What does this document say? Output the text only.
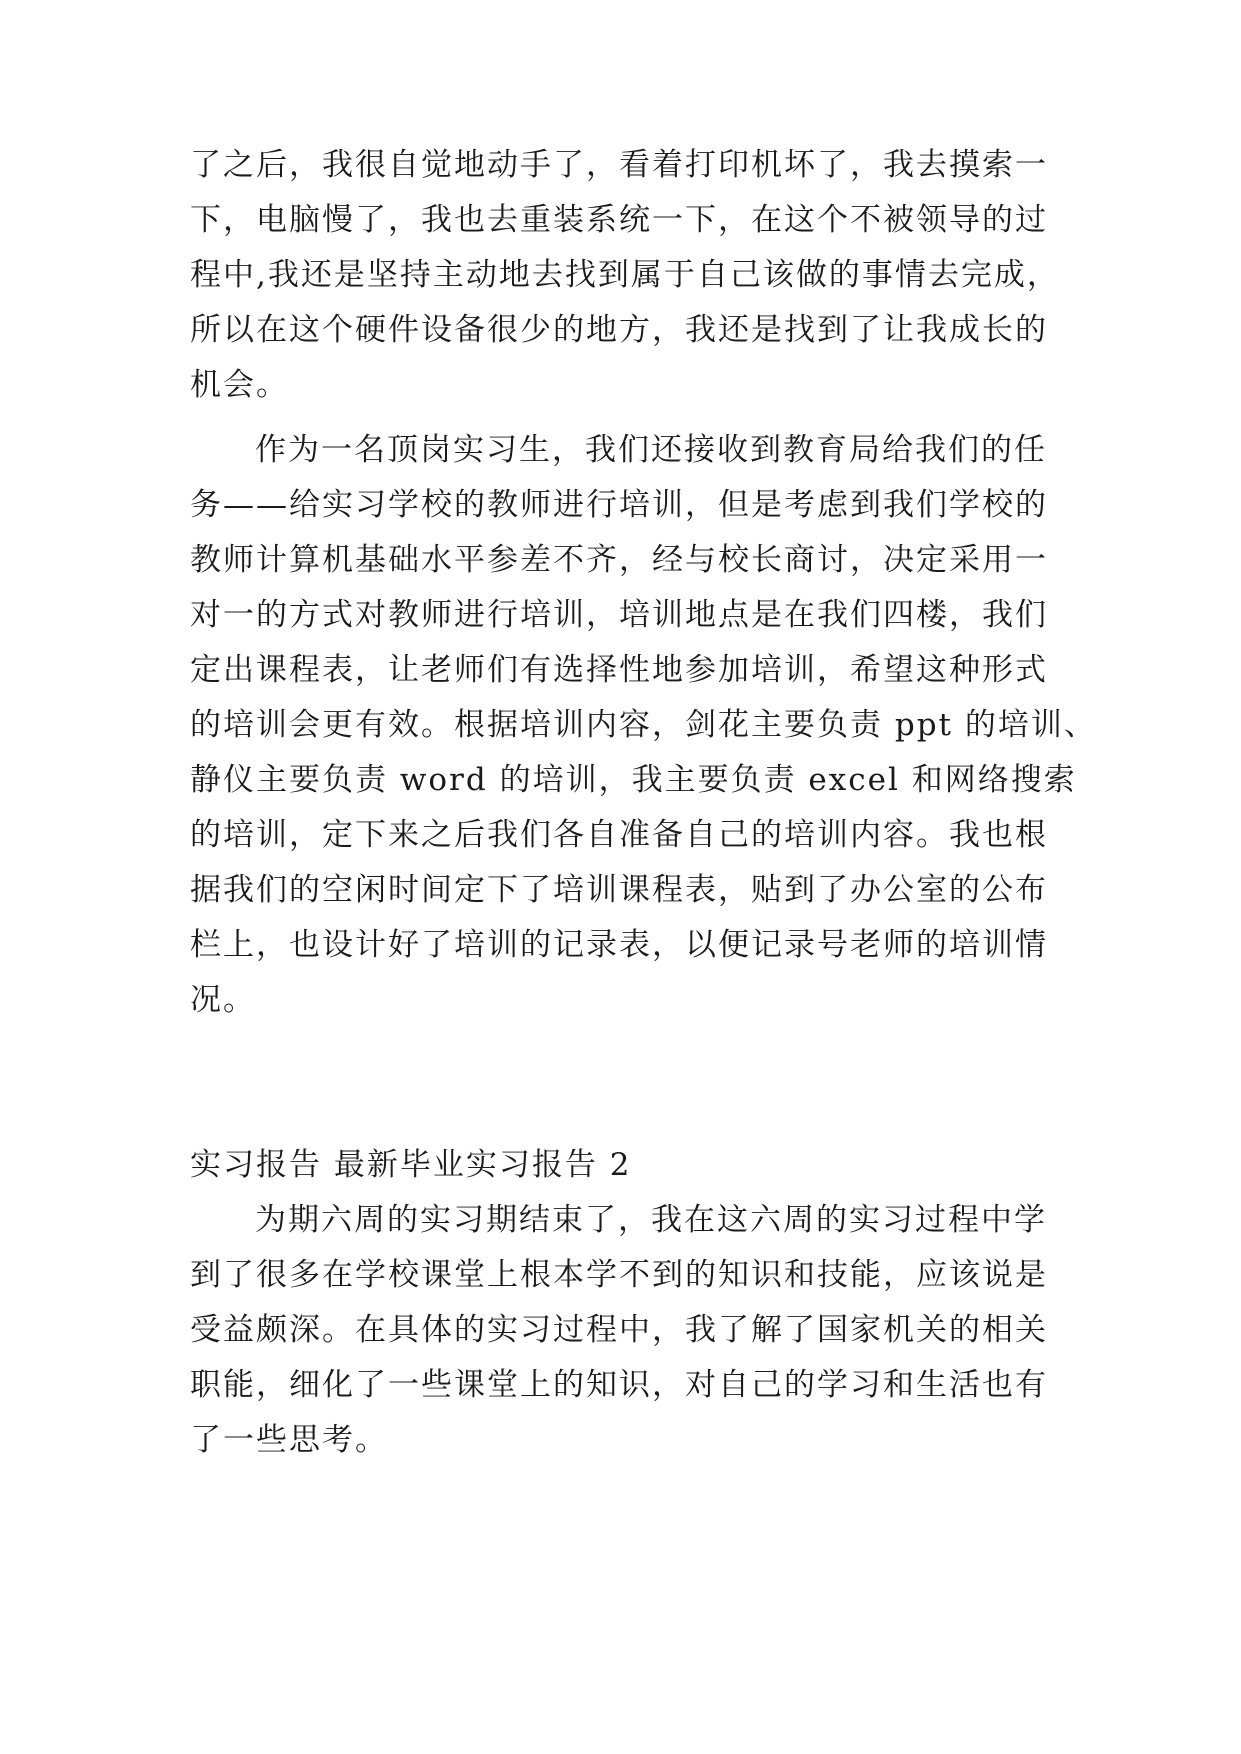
了之后，我很自觉地动手了，看着打印机坏了，我去摸索一
下，电脑慢了，我也去重装系统一下，在这个不被领导的过
程中,我还是坚持主动地去找到属于自己该做的事情去完成，
所以在这个硬件设备很少的地方，我还是找到了让我成长的
机会。
作为一名顶岗实习生，我们还接收到教育局给我们的任
务——给实习学校的教师进行培训，但是考虑到我们学校的
教师计算机基础水平参差不齐，经与校长商讨，决定采用一
对一的方式对教师进行培训，培训地点是在我们四楼，我们
定出课程表，让老师们有选择性地参加培训，希望这种形式
的培训会更有效。根据培训内容，剑花主要负责 ppt 的培训、
静仪主要负责 word 的培训，我主要负责 excel 和网络搜索
的培训，定下来之后我们各自准备自己的培训内容。我也根
据我们的空闲时间定下了培训课程表，贴到了办公室的公布
栏上，也设计好了培训的记录表，以便记录号老师的培训情
况。
实习报告 最新毕业实习报告 2
为期六周的实习期结束了，我在这六周的实习过程中学
到了很多在学校课堂上根本学不到的知识和技能，应该说是
受益颇深。在具体的实习过程中，我了解了国家机关的相关
职能，细化了一些课堂上的知识，对自己的学习和生活也有
了一些思考。
